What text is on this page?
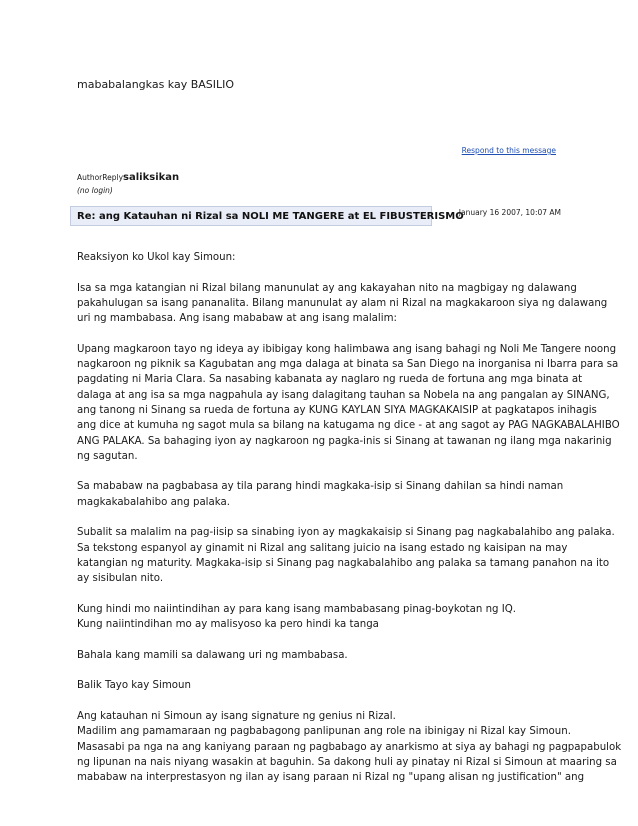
mababalangkas kay BASILIO
Respond to this message
AuthorReplysaliksikan
(no login)
Re: ang Katauhan ni Rizal sa NOLI ME TANGERE at EL FIBUSTERISMO
January 16 2007, 10:07 AM
Reaksiyon ko Ukol kay Simoun:
Isa sa mga katangian ni Rizal bilang manunulat ay ang kakayahan nito na magbigay ng dalawang
pakahulugan sa isang pananalita. Bilang manunulat ay alam ni Rizal na magkakaroon siya ng dalawang
uri ng mambabasa. Ang isang mababaw at ang isang malalim:
Upang magkaroon tayo ng ideya ay ibibigay kong halimbawa ang isang bahagi ng Noli Me Tangere noong
nagkaroon ng piknik sa Kagubatan ang mga dalaga at binata sa San Diego na inorganisa ni Ibarra para sa
pagdating ni Maria Clara. Sa nasabing kabanata ay naglaro ng rueda de fortuna ang mga binata at
dalaga at ang isa sa mga nagpahula ay isang dalagitang tauhan sa Nobela na ang pangalan ay SINANG,
ang tanong ni Sinang sa rueda de fortuna ay KUNG KAYLAN SIYA MAGKAKAISIP at pagkatapos inihagis
ang dice at kumuha ng sagot mula sa bilang na katugama ng dice - at ang sagot ay PAG NAGKABALAHIBO
ANG PALAKA. Sa bahaging iyon ay nagkaroon ng pagka-inis si Sinang at tawanan ng ilang mga nakarinig
ng sagutan.
Sa mababaw na pagbabasa ay tila parang hindi magkaka-isip si Sinang dahilan sa hindi naman
magkakabalahibo ang palaka.
Subalit sa malalim na pag-iisip sa sinabing iyon ay magkakaisip si Sinang pag nagkabalahibo ang palaka.
Sa tekstong espanyol ay ginamit ni Rizal ang salitang juicio na isang estado ng kaisipan na may
katangian ng maturity. Magkaka-isip si Sinang pag nagkabalahibo ang palaka sa tamang panahon na ito
ay sisibulan nito.
Kung hindi mo naiintindihan ay para kang isang mambabasang pinag-boykotan ng IQ.
Kung naiintindihan mo ay malisyoso ka pero hindi ka tanga
Bahala kang mamili sa dalawang uri ng mambabasa.
Balik Tayo kay Simoun
Ang katauhan ni Simoun ay isang signature ng genius ni Rizal.
Madilim ang pamamaraan ng pagbabagong panlipunan ang role na ibinigay ni Rizal kay Simoun.
Masasabi pa nga na ang kaniyang paraan ng pagbabago ay anarkismo at siya ay bahagi ng pagpapabulok
ng lipunan na nais niyang wasakin at baguhin. Sa dakong huli ay pinatay ni Rizal si Simoun at maaring sa
mababaw na interprestasyon ng ilan ay isang paraan ni Rizal ng "upang alisan ng justification" ang
